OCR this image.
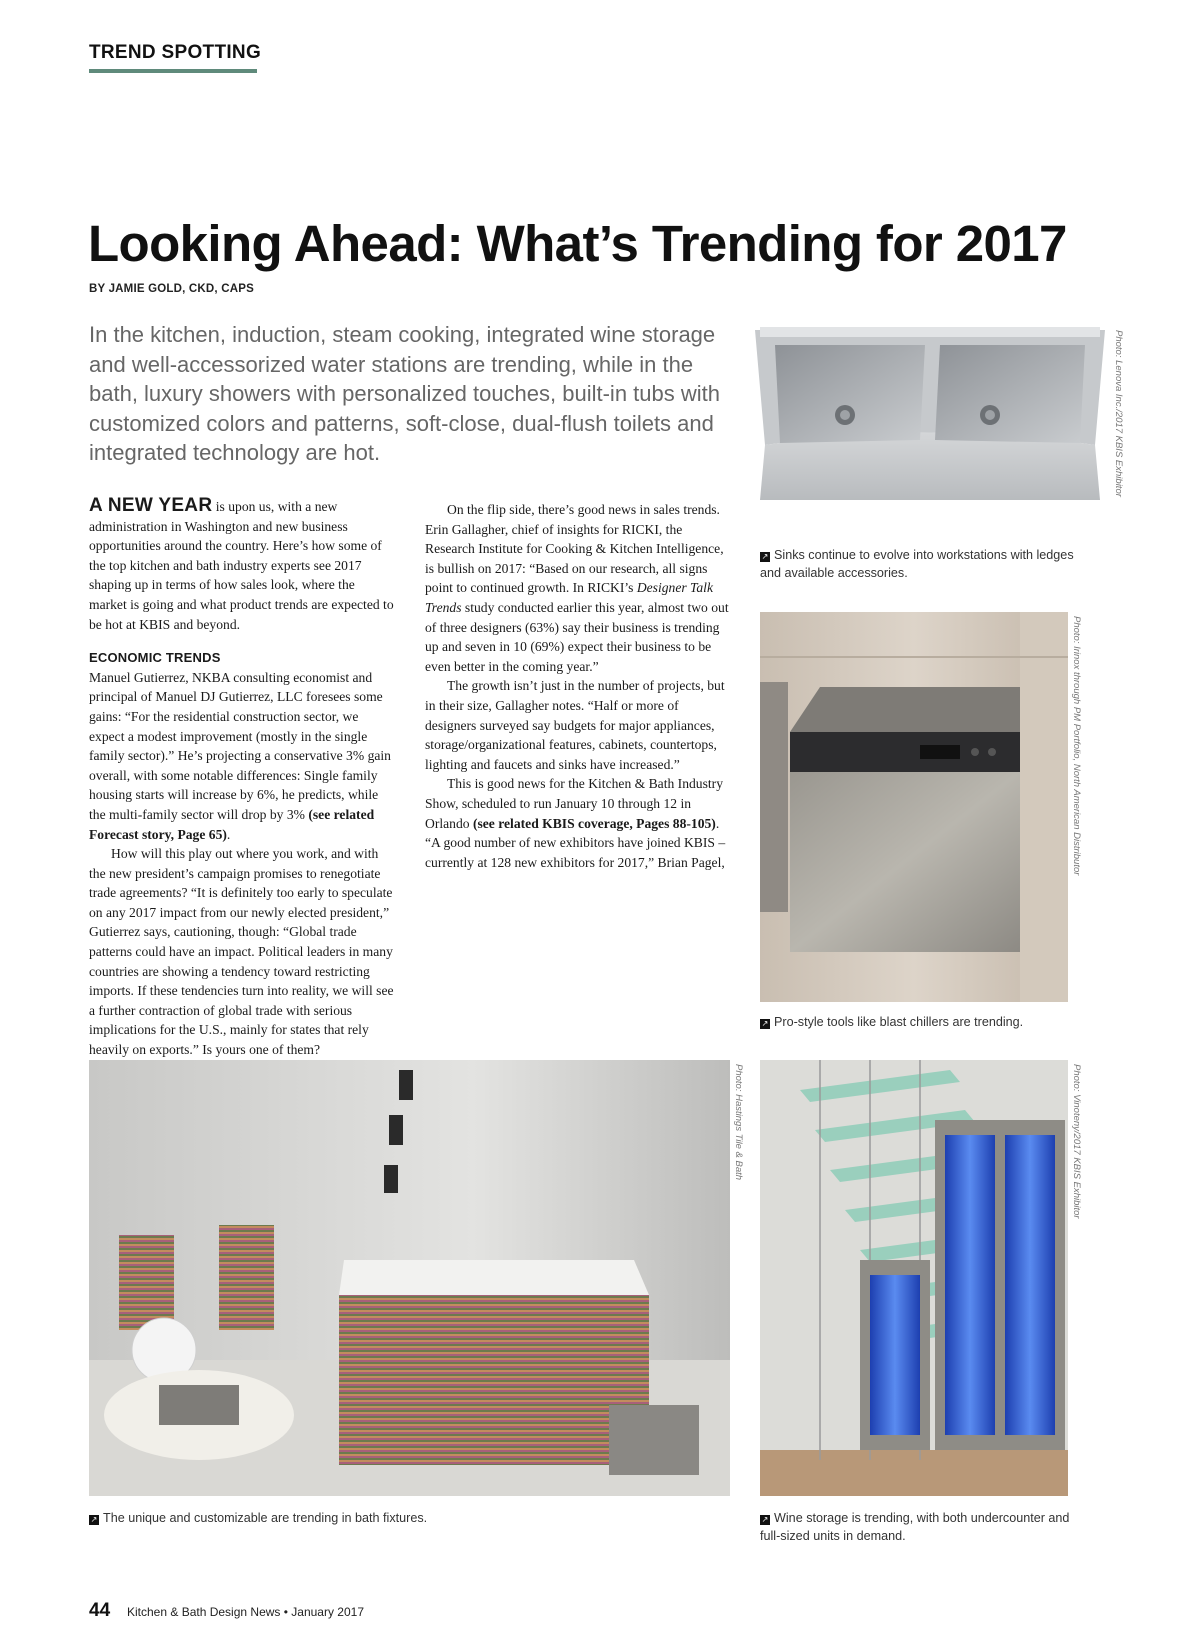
TREND SPOTTING
Looking Ahead: What’s Trending for 2017
BY JAMIE GOLD, CKD, CAPS
In the kitchen, induction, steam cooking, integrated wine storage and well-accessorized water stations are trending, while in the bath, luxury showers with personalized touches, built-in tubs with customized colors and patterns, soft-close, dual-flush toilets and integrated technology are hot.

A NEW YEAR is upon us, with a new administration in Washington and new business opportunities around the country. Here’s how some of the top kitchen and bath industry experts see 2017 shaping up in terms of how sales look, where the market is going and what product trends are expected to be hot at KBIS and beyond.

ECONOMIC TRENDS

Manuel Gutierrez, NKBA consulting economist and principal of Manuel DJ Gutierrez, LLC foresees some gains: “For the residential construction sector, we expect a modest improvement (mostly in the single family sector).” He’s projecting a conservative 3% gain overall, with some notable differences: Single family housing starts will increase by 6%, he predicts, while the multi-family sector will drop by 3% (see related Forecast story, Page 65).

How will this play out where you work, and with the new president’s campaign promises to renegotiate trade agreements? “It is definitely too early to speculate on any 2017 impact from our newly elected president,” Gutierrez says, cautioning, though: “Global trade patterns could have an impact. Political leaders in many countries are showing a tendency toward restricting imports. If these tendencies turn into reality, we will see a further contraction of global trade with serious implications for the U.S., mainly for states that rely heavily on exports.” Is yours one of them?

On the flip side, there’s good news in sales trends. Erin Gallagher, chief of insights for RICKI, the Research Institute for Cooking & Kitchen Intelligence, is bullish on 2017: “Based on our research, all signs point to continued growth. In RICKI’s Designer Talk Trends study conducted earlier this year, almost two out of three designers (63%) say their business is trending up and seven in 10 (69%) expect their business to be even better in the coming year.”

The growth isn’t just in the number of projects, but in their size, Gallagher notes. “Half or more of designers surveyed say budgets for major appliances, storage/organizational features, cabinets, countertops, lighting and faucets and sinks have increased.”

This is good news for the Kitchen & Bath Industry Show, scheduled to run January 10 through 12 in Orlando (see related KBIS coverage, Pages 88-105). “A good number of new exhibitors have joined KBIS – currently at 128 new exhibitors for 2017,” Brian Pagel,

Photo: Lenova Inc./2017 KBIS Exhibitor
↗ Sinks continue to evolve into workstations with ledges and available accessories.
Photo: Irinox through PM Portfolio, North American Distributor
↗ Pro-style tools like blast chillers are trending.
Photo: Hastings Tile & Bath
↗ The unique and customizable are trending in bath fixtures.
Photo: Vinoteny/2017 KBIS Exhibitor
↗ Wine storage is trending, with both undercounter and full-sized units in demand.
44 Kitchen & Bath Design News • January 2017
